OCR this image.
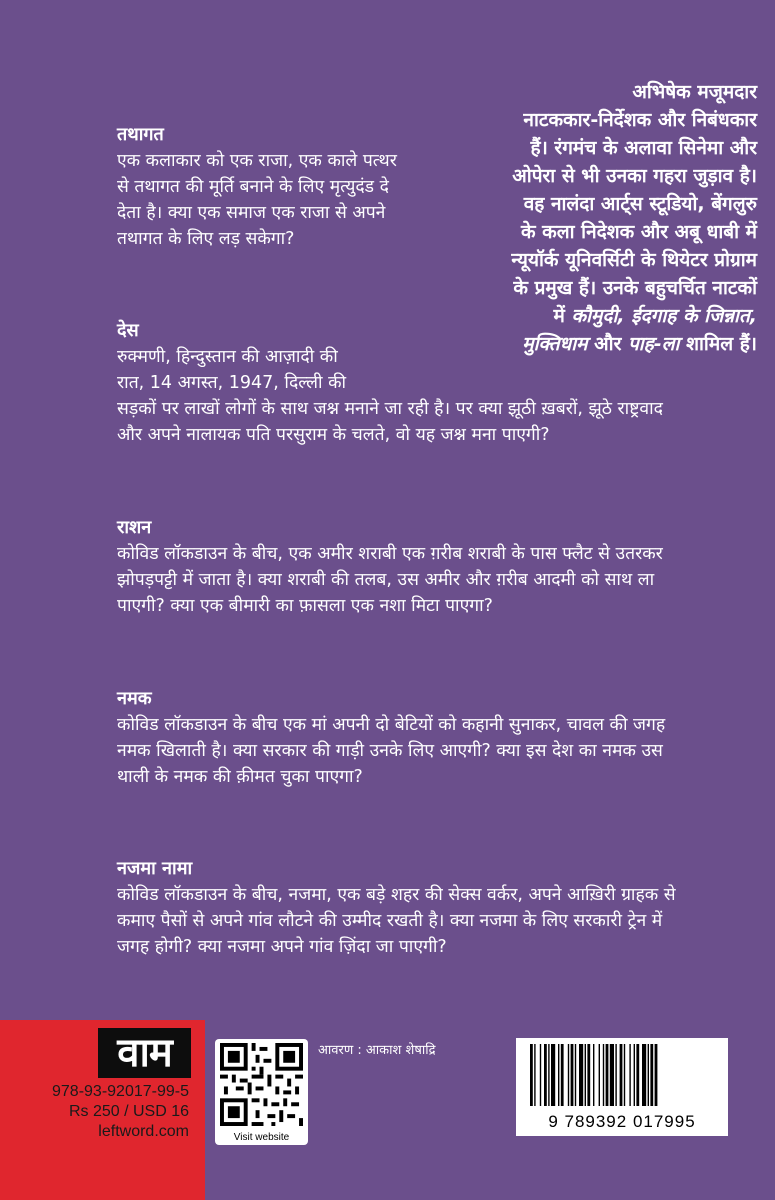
अभिषेक मजूमदार
नाटककार-निर्देशक और निबंधकार
हैं। रंगमंच के अलावा सिनेमा और
ओपेरा से भी उनका गहरा जुड़ाव है।
वह नालंदा आर्ट्स स्टूडियो, बेंगलुरु
के कला निदेशक और अबू धाबी में
न्यूयॉर्क यूनिवर्सिटी के थियेटर प्रोग्राम
के प्रमुख हैं। उनके बहुचर्चित नाटकों
में कौमुदी, ईदगाह के जिन्नात,
मुक्तिधाम और पाह-ला शामिल हैं।
तथागत
एक कलाकार को एक राजा, एक काले पत्थर से तथागत की मूर्ति बनाने के लिए मृत्युदंड दे देता है। क्या एक समाज एक राजा से अपने तथागत के लिए लड़ सकेगा?
देस
रुक्मणी, हिन्दुस्तान की आज़ादी की
रात, 14 अगस्त, 1947, दिल्ली की
सड़कों पर लाखों लोगों के साथ जश्न मनाने जा रही है। पर क्या झूठी ख़बरों, झूठे राष्ट्रवाद और अपने नालायक पति परसुराम के चलते, वो यह जश्न मना पाएगी?
राशन
कोविड लॉकडाउन के बीच, एक अमीर शराबी एक ग़रीब शराबी के पास फ्लैट से उतरकर झोपड़पट्टी में जाता है। क्या शराबी की तलब, उस अमीर और ग़रीब आदमी को साथ ला पाएगी? क्या एक बीमारी का फ़ासला एक नशा मिटा पाएगा?
नमक
कोविड लॉकडाउन के बीच एक मां अपनी दो बेटियों को कहानी सुनाकर, चावल की जगह नमक खिलाती है। क्या सरकार की गाड़ी उनके लिए आएगी? क्या इस देश का नमक उस थाली के नमक की क़ीमत चुका पाएगा?
नजमा नामा
कोविड लॉकडाउन के बीच, नजमा, एक बड़े शहर की सेक्स वर्कर, अपने आख़िरी ग्राहक से कमाए पैसों से अपने गांव लौटने की उम्मीद रखती है। क्या नजमा के लिए सरकारी ट्रेन में जगह होगी? क्या नजमा अपने गांव ज़िंदा जा पाएगी?
वाम
978-93-92017-99-5
Rs 250 / USD 16
leftword.com	Visit website
आवरण : आकाश शेषाद्रि
9 789392 017995
